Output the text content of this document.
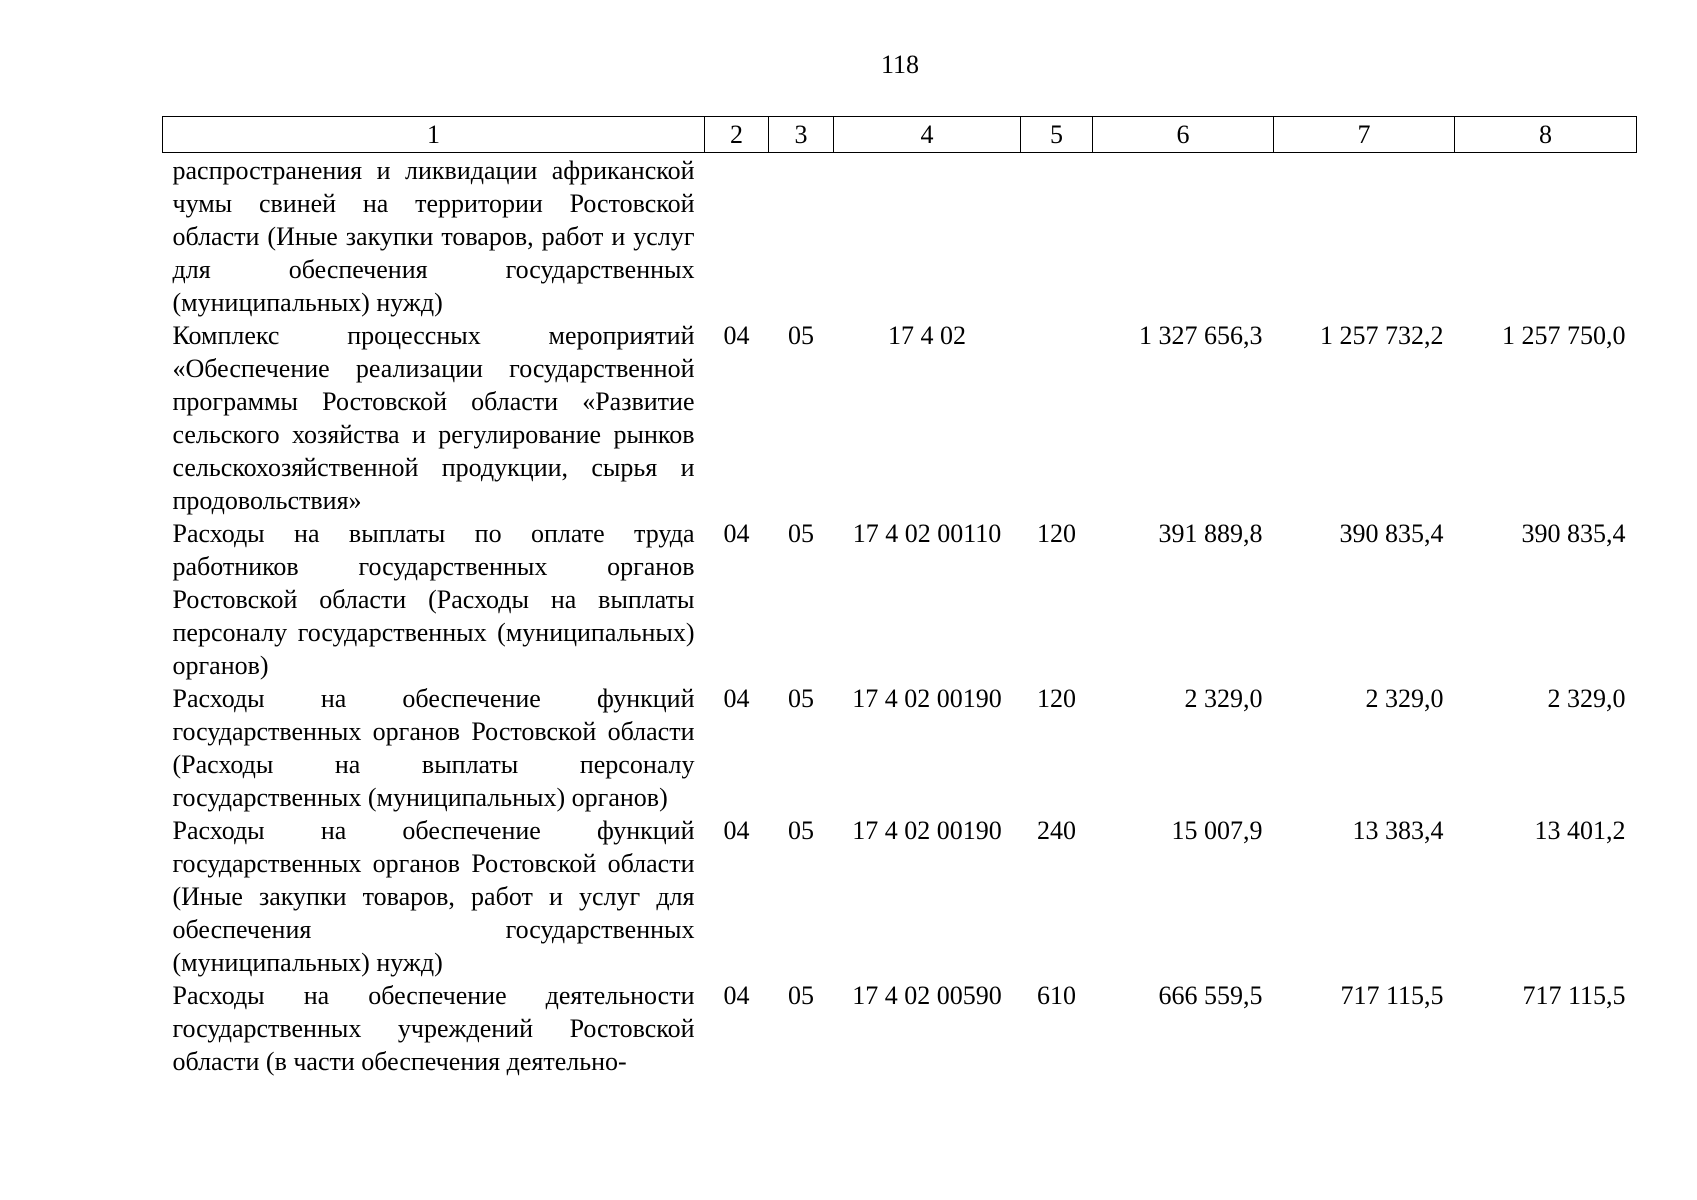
118
1	2	3	4	5	6	7	8
распространения и ликвидации африканской чумы свиней на территории Ростовской области (Иные закупки товаров, работ и услуг для обеспечения государственных (муниципальных) нужд)							
Комплекс процессных мероприятий «Обеспечение реализации государственной программы Ростовской области «Развитие сельского хозяйства и регулирование рынков сельскохозяйственной продукции, сырья и продовольствия»	04	05	17 4 02		1 327 656,3	1 257 732,2	1 257 750,0
Расходы на выплаты по оплате труда работников государственных органов Ростовской области (Расходы на выплаты персоналу государственных (муниципальных) органов)	04	05	17 4 02 00110	120	391 889,8	390 835,4	390 835,4
Расходы на обеспечение функций государственных органов Ростовской области (Расходы на выплаты персоналу государственных (муниципальных) органов)	04	05	17 4 02 00190	120	2 329,0	2 329,0	2 329,0
Расходы на обеспечение функций государственных органов Ростовской области (Иные закупки товаров, работ и услуг для обеспечения государственных (муниципальных) нужд)	04	05	17 4 02 00190	240	15 007,9	13 383,4	13 401,2
Расходы на обеспечение деятельности государственных учреждений Ростовской области (в части обеспечения деятельно-	04	05	17 4 02 00590	610	666 559,5	717 115,5	717 115,5
